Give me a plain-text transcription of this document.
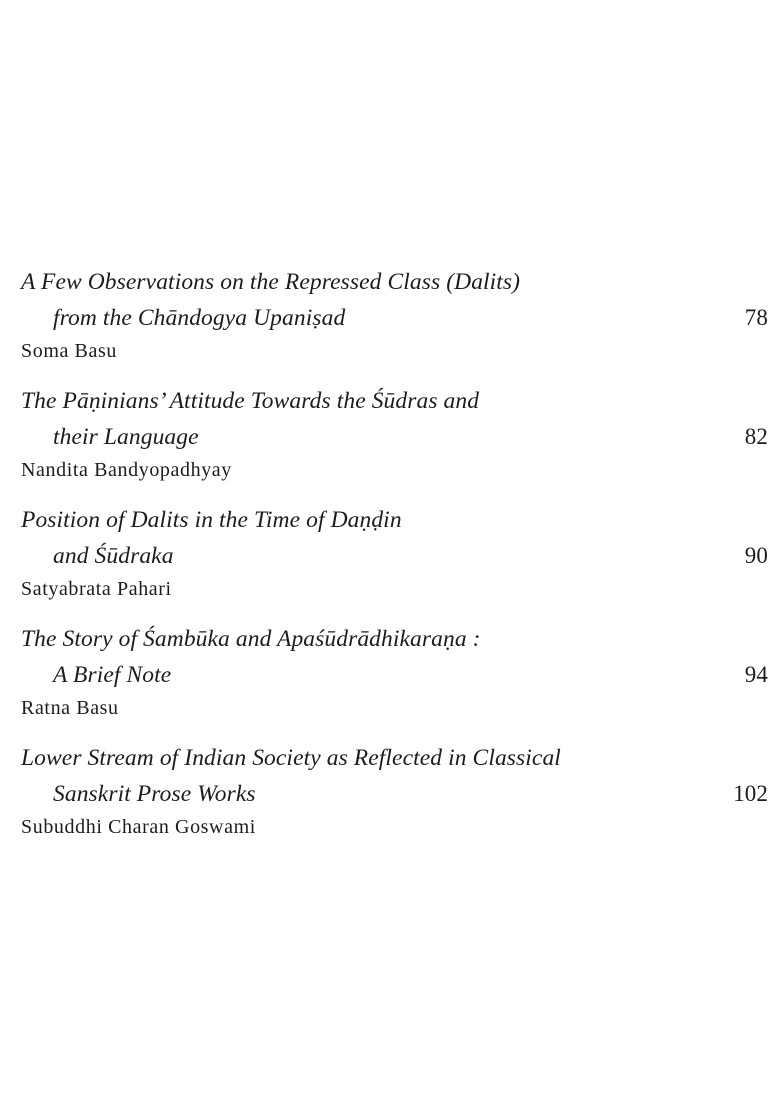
A Few Observations on the Repressed Class (Dalits)
from the Chāndogya Upaniṣad	78
Soma Basu
The Pāṇinians’ Attitude Towards the Śūdras and
their Language	82
Nandita Bandyopadhyay
Position of Dalits in the Time of Daṇḍin
and Śūdraka	90
Satyabrata Pahari
The Story of Śambūka and Apaśūdrādhikaraṇa :
A Brief Note	94
Ratna Basu
Lower Stream of Indian Society as Reflected in Classical
Sanskrit Prose Works	102
Subuddhi Charan Goswami
